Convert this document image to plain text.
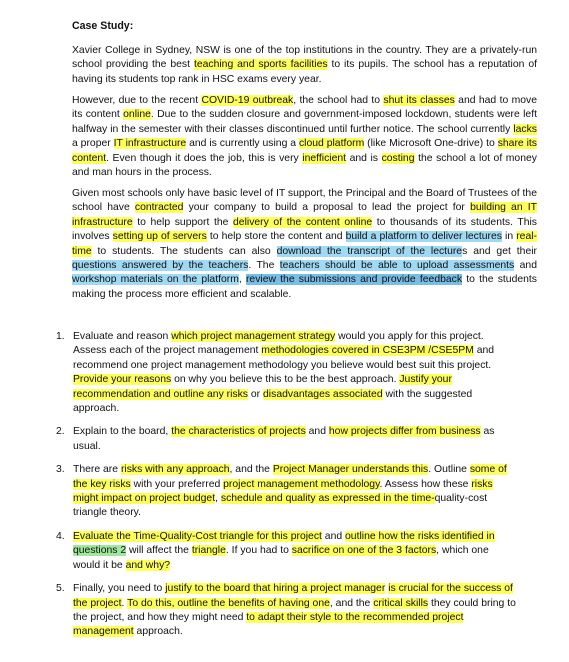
Case Study:

Xavier College in Sydney, NSW is one of the top institutions in the country. They are a privately-run school providing the best teaching and sports facilities to its pupils. The school has a reputation of having its students top rank in HSC exams every year.

However, due to the recent COVID-19 outbreak, the school had to shut its classes and had to move its content online. Due to the sudden closure and government-imposed lockdown, students were left halfway in the semester with their classes discontinued until further notice. The school currently lacks a proper IT infrastructure and is currently using a cloud platform (like Microsoft One-drive) to share its content. Even though it does the job, this is very inefficient and is costing the school a lot of money and man hours in the process.

Given most schools only have basic level of IT support, the Principal and the Board of Trustees of the school have contracted your company to build a proposal to lead the project for building an IT infrastructure to help support the delivery of the content online to thousands of its students. This involves setting up of servers to help store the content and build a platform to deliver lectures in real-time to students. The students can also download the transcript of the lectures and get their questions answered by the teachers. The teachers should be able to upload assessments and workshop materials on the platform, review the submissions and provide feedback to the students making the process more efficient and scalable.

1. Evaluate and reason which project management strategy would you apply for this project. Assess each of the project management methodologies covered in CSE3PM /CSE5PM and recommend one project management methodology you believe would best suit this project. Provide your reasons on why you believe this to be the best approach. Justify your recommendation and outline any risks or disadvantages associated with the suggested approach.
2. Explain to the board, the characteristics of projects and how projects differ from business as usual.
3. There are risks with any approach, and the Project Manager understands this. Outline some of the key risks with your preferred project management methodology. Assess how these risks might impact on project budget, schedule and quality as expressed in the time-quality-cost triangle theory.
4. Evaluate the Time-Quality-Cost triangle for this project and outline how the risks identified in questions 2 will affect the triangle. If you had to sacrifice on one of the 3 factors, which one would it be and why?
5. Finally, you need to justify to the board that hiring a project manager is crucial for the success of the project. To do this, outline the benefits of having one, and the critical skills they could bring to the project, and how they might need to adapt their style to the recommended project management approach.
